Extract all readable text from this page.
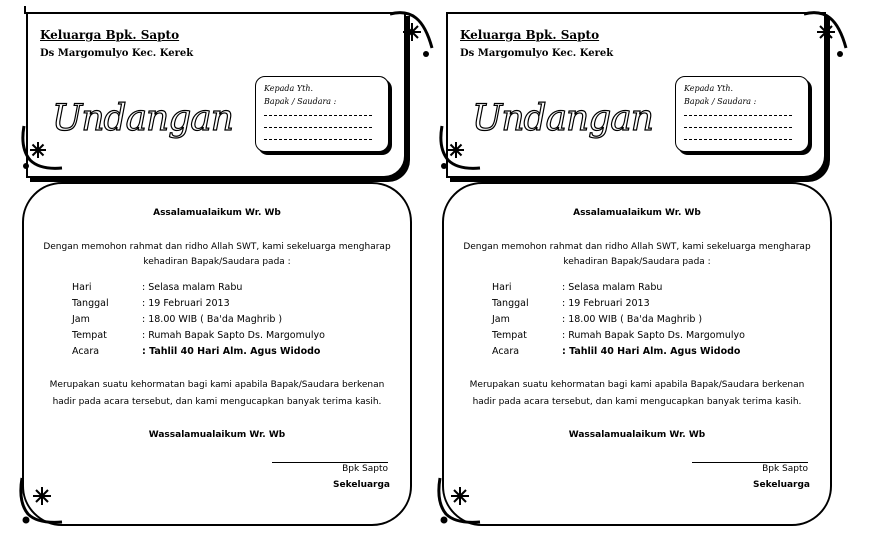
Keluarga Bpk. Sapto
Ds Margomulyo Kec. Kerek
Undangan
Kepada Yth.
Bapak / Saudara :
Assalamualaikum Wr. Wb
Dengan memohon rahmat dan ridho Allah SWT, kami sekeluarga mengharap
kehadiran Bapak/Saudara pada :
Hari	: Selasa malam Rabu
Tanggal	: 19 Februari 2013
Jam	: 18.00 WIB ( Ba'da Maghrib )
Tempat	: Rumah Bapak Sapto Ds. Margomulyo
Acara	: Tahlil 40 Hari Alm. Agus Widodo
Merupakan suatu kehormatan bagi kami apabila Bapak/Saudara berkenan
hadir pada acara tersebut, dan kami mengucapkan banyak terima kasih.
Wassalamualaikum Wr. Wb
Bpk Sapto
Sekeluarga
Keluarga Bpk. Sapto
Ds Margomulyo Kec. Kerek
Undangan
Kepada Yth.
Bapak / Saudara :
Assalamualaikum Wr. Wb
Dengan memohon rahmat dan ridho Allah SWT, kami sekeluarga mengharap
kehadiran Bapak/Saudara pada :
Hari	: Selasa malam Rabu
Tanggal	: 19 Februari 2013
Jam	: 18.00 WIB ( Ba'da Maghrib )
Tempat	: Rumah Bapak Sapto Ds. Margomulyo
Acara	: Tahlil 40 Hari Alm. Agus Widodo
Merupakan suatu kehormatan bagi kami apabila Bapak/Saudara berkenan
hadir pada acara tersebut, dan kami mengucapkan banyak terima kasih.
Wassalamualaikum Wr. Wb
Bpk Sapto
Sekeluarga
